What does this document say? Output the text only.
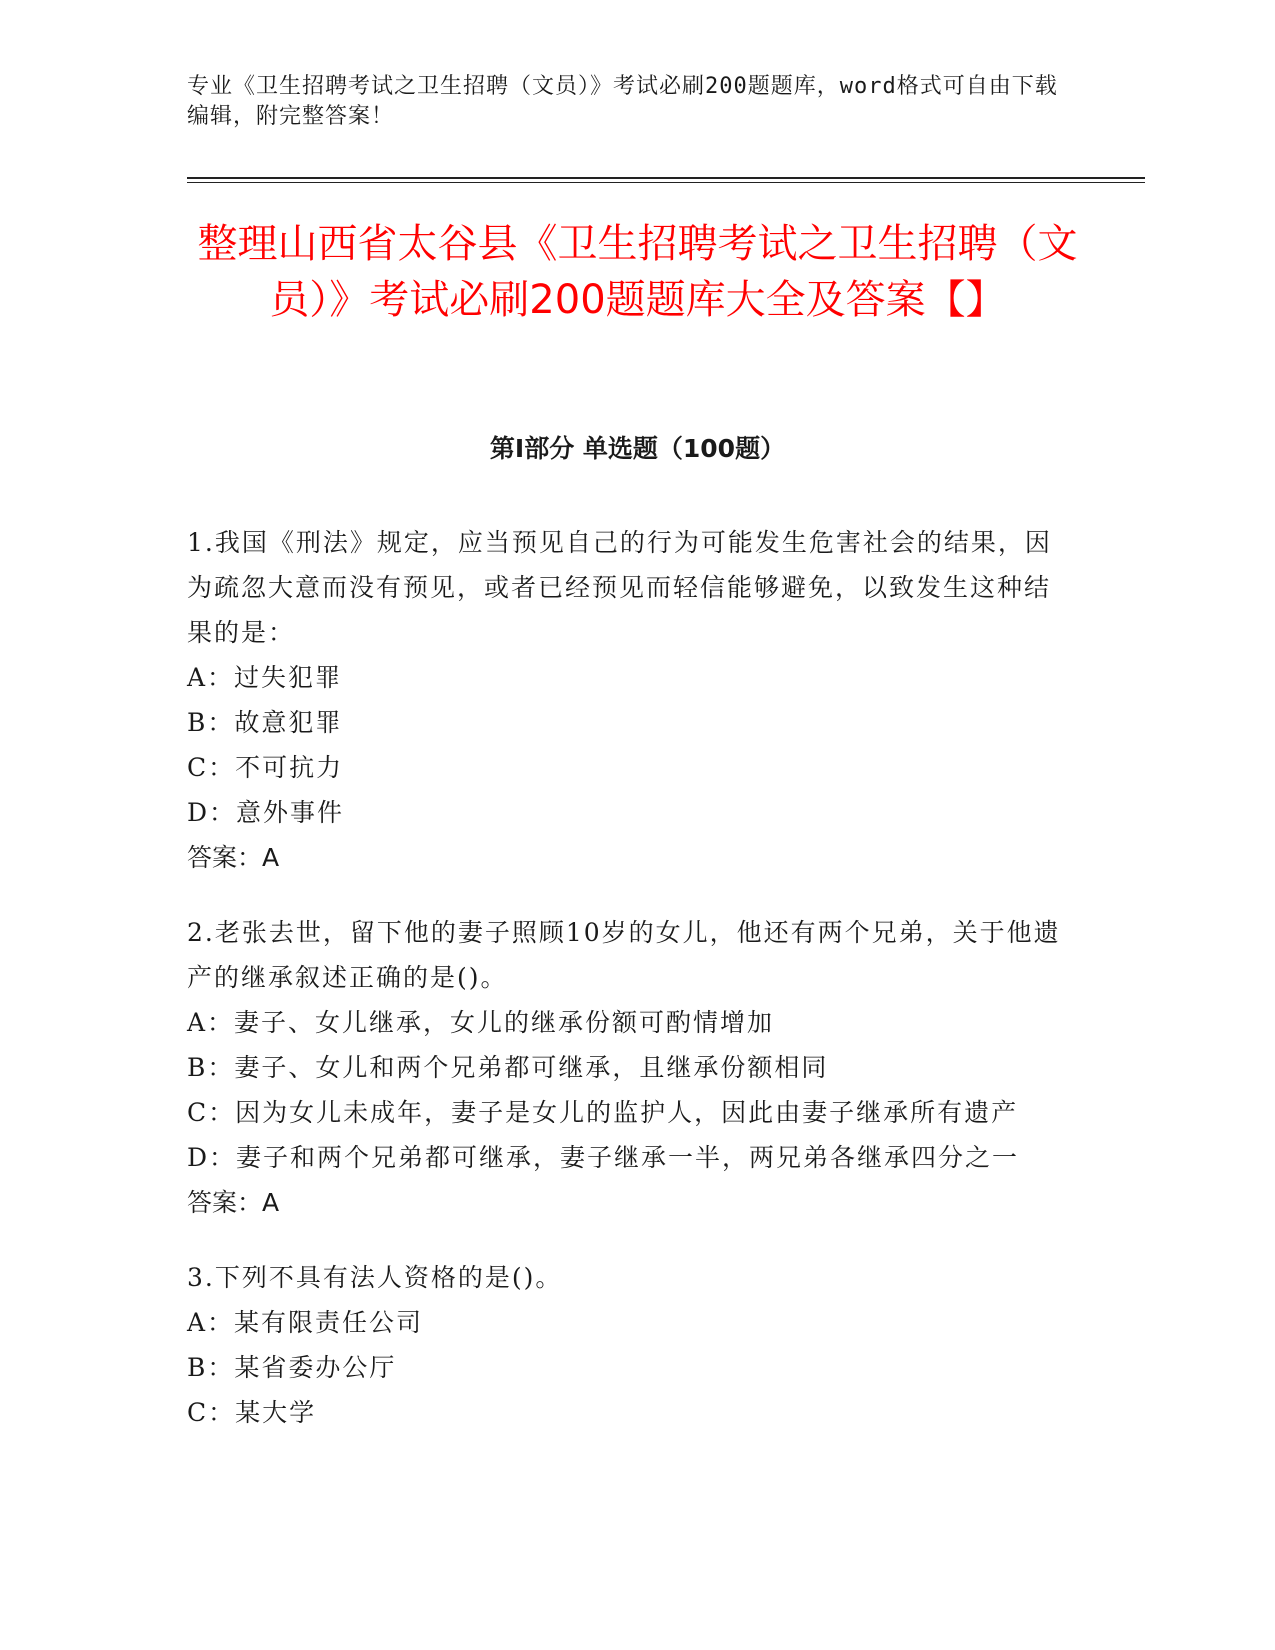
专业《卫生招聘考试之卫生招聘（文员）》考试必刷200题题库，word格式可自由下载编辑，附完整答案！
整理山西省太谷县《卫生招聘考试之卫生招聘（文员）》考试必刷200题题库大全及答案【】
第I部分 单选题（100题）

1.我国《刑法》规定，应当预见自己的行为可能发生危害社会的结果，因为疏忽大意而没有预见，或者已经预见而轻信能够避免，以致发生这种结果的是：

A：过失犯罪
B：故意犯罪
C：不可抗力
D：意外事件
答案：A

2.老张去世，留下他的妻子照顾10岁的女儿，他还有两个兄弟，关于他遗产的继承叙述正确的是()。

A：妻子、女儿继承，女儿的继承份额可酌情增加
B：妻子、女儿和两个兄弟都可继承，且继承份额相同
C：因为女儿未成年，妻子是女儿的监护人，因此由妻子继承所有遗产
D：妻子和两个兄弟都可继承，妻子继承一半，两兄弟各继承四分之一
答案：A

3.下列不具有法人资格的是()。

A：某有限责任公司
B：某省委办公厅
C：某大学
